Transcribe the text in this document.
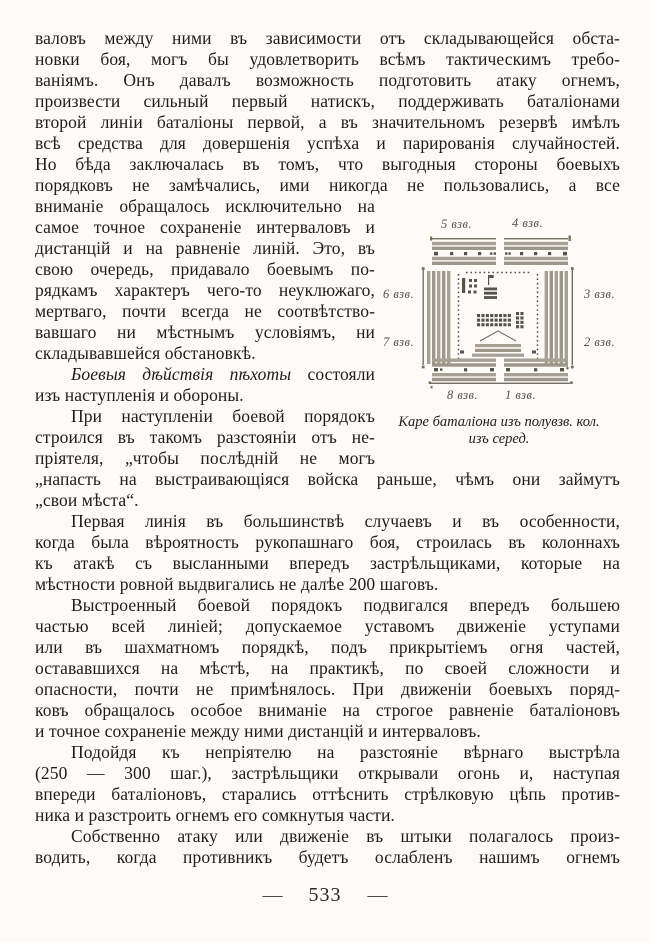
валовъ между ними въ зависимости отъ складывающейся обста-
новки боя, могъ бы удовлетворить всѣмъ тактическимъ требо-
ваніямъ. Онъ давалъ возможность подготовить атаку огнемъ,
произвести сильный первый натискъ, поддерживать баталіонами
второй линіи баталіоны первой, а въ значительномъ резервѣ имѣлъ
всѣ средства для довершенія успѣха и парированія случайностей.
Но бѣда заключалась въ томъ, что выгодныя стороны боевыхъ
порядковъ не замѣчались, ими никогда не пользовались, а все
вниманіе обращалось исключительно на
самое точное сохраненіе интерваловъ и
дистанцій и на равненіе линій. Это, въ
свою очередь, придавало боевымъ по-
рядкамъ характеръ чего-то неуклюжаго,
мертваго, почти всегда не соотвѣтство-
вавшаго ни мѣстнымъ условіямъ, ни
складывавшейся обстановкѣ.
Боевыя дѣйствія пѣхоты состояли
изъ наступленія и обороны.
При наступленіи боевой порядокъ
строился въ такомъ разстояніи отъ не-
пріятеля, „чтобы послѣдній не могъ
„напасть на выстраивающіяся войска раньше, чѣмъ они займутъ
„свои мѣста“.
Первая линія въ большинствѣ случаевъ и въ особенности,
когда была вѣроятность рукопашнаго боя, строилась въ колоннахъ
къ атакѣ съ высланными впередъ застрѣльщиками, которые на
мѣстности ровной выдвигались не далѣе 200 шаговъ.
Выстроенный боевой порядокъ подвигался впередъ большею
частью всей линіей; допускаемое уставомъ движеніе уступами
или въ шахматномъ порядкѣ, подъ прикрытіемъ огня частей,
остававшихся на мѣстѣ, на практикѣ, по своей сложности и
опасности, почти не примѣнялось. При движеніи боевыхъ поряд-
ковъ обращалось особое вниманіе на строгое равненіе баталіоновъ
и точное сохраненіе между ними дистанцій и интерваловъ.
Подойдя къ непріятелю на разстояніе вѣрнаго выстрѣла
(250 — 300 шаг.), застрѣльщики открывали огонь и, наступая
впереди баталіоновъ, старались оттѣснить стрѣлковую цѣпь против-
ника и разстроить огнемъ его сомкнутыя части.
Собственно атаку или движеніе въ штыки полагалось произ-
водить, когда противникъ будетъ ослабленъ нашимъ огнемъ
5 взв.	4 взв.
6 взв.
7 взв.
3 взв.
2 взв.
8 взв. 1 взв.
Каре баталіона изъ полувзв. кол.
изъ серед.
— 533 —
